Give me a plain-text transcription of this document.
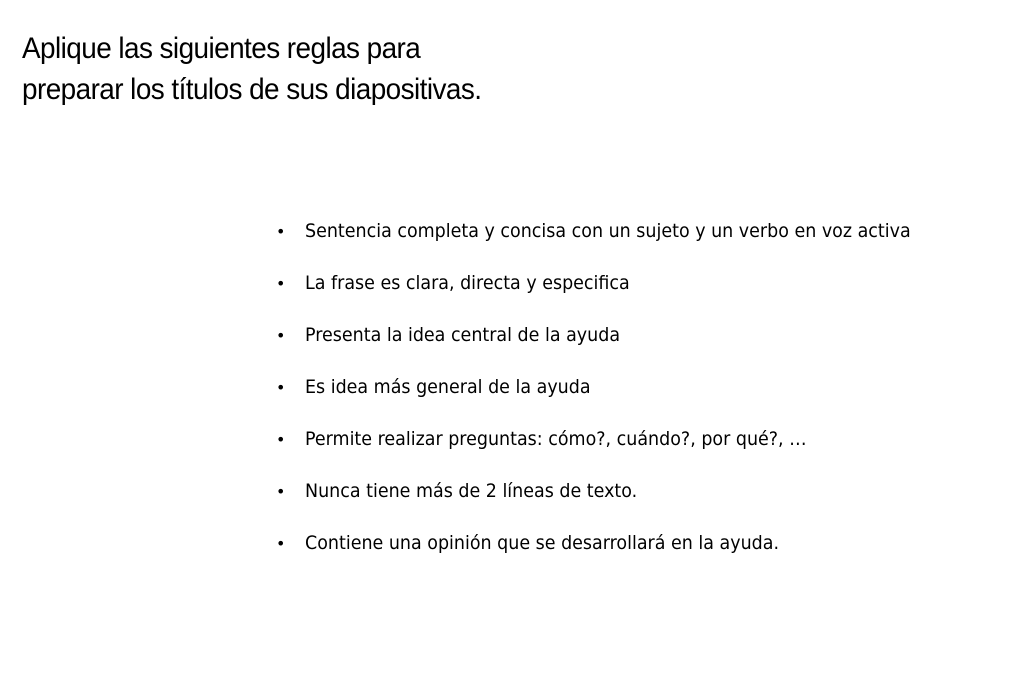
Aplique las siguientes reglas para
preparar los títulos de sus diapositivas.
•	Sentencia completa y concisa con un sujeto y un verbo en voz activa
•	La frase es clara, directa y especifica
•	Presenta la idea central de la ayuda
•	Es idea más general de la ayuda
•	Permite realizar preguntas: cómo?, cuándo?, por qué?, …
•	Nunca tiene más de 2 líneas de texto.
•	Contiene una opinión que se desarrollará en la ayuda.
